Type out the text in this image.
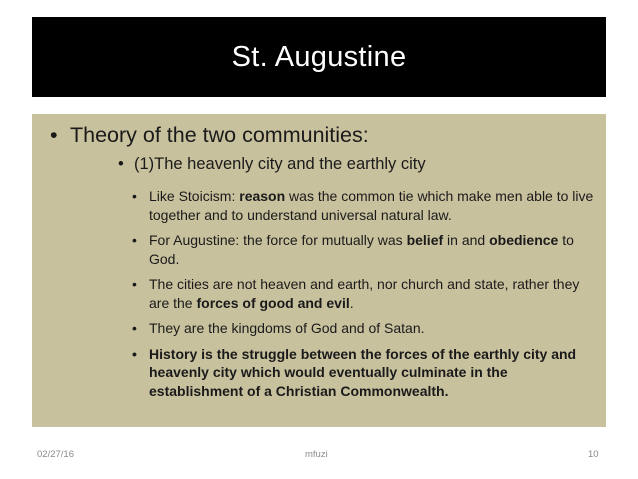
St. Augustine
• Theory of the two communities:
• (1)The heavenly city and the earthly city
• Like Stoicism: reason was the common tie which make men able to live together and to understand universal natural law.
• For Augustine: the force for mutually was belief in and obedience to God.
• The cities are not heaven and earth, nor church and state, rather they are the forces of good and evil.
• They are the kingdoms of God and of Satan.
• History is the struggle between the forces of the earthly city and heavenly city which would eventually culminate in the establishment of a Christian Commonwealth.
02/27/16	mfuzi	10
